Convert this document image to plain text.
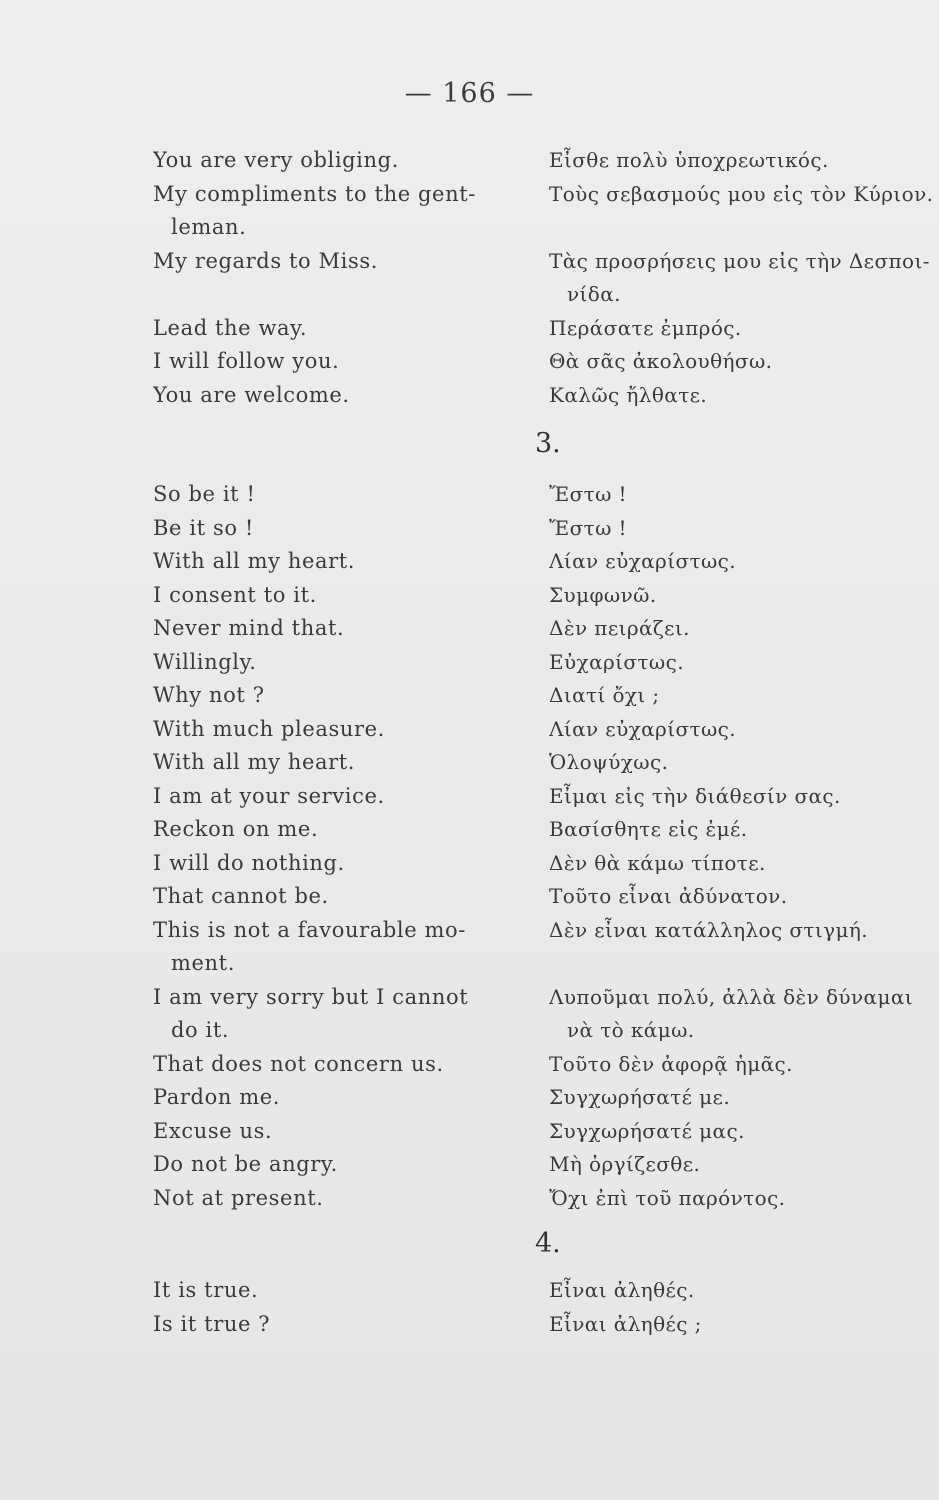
— 166 —
You are very obliging.
My compliments to the gent-
leman.
My regards to Miss.
Lead the way.
I will follow you.
You are welcome.
Εἶσθε πολὺ ὑποχρεωτικός.
Τοὺς σεβασμούς μου εἰς τὸν Κύριον.
Τὰς προσρήσεις μου εἰς τὴν Δεσποι-
νίδα.
Περάσατε ἐμπρός.
Θὰ σᾶς ἀκολουθήσω.
Καλῶς ἤλθατε.
3.
So be it !
Be it so !
With all my heart.
I consent to it.
Never mind that.
Willingly.
Why not ?
With much pleasure.
With all my heart.
I am at your service.
Reckon on me.
I will do nothing.
That cannot be.
This is not a favourable mo-
ment.
I am very sorry but I cannot
do it.
That does not concern us.
Pardon me.
Excuse us.
Do not be angry.
Not at present.
Ἔστω !
Ἔστω !
Λίαν εὐχαρίστως.
Συμφωνῶ.
Δὲν πειράζει.
Εὐχαρίστως.
Διατί ὄχι ;
Λίαν εὐχαρίστως.
Ὁλοψύχως.
Εἶμαι εἰς τὴν διάθεσίν σας.
Βασίσθητε εἰς ἐμέ.
Δὲν θὰ κάμω τίποτε.
Τοῦτο εἶναι ἀδύνατον.
Δὲν εἶναι κατάλληλος στιγμή.
Λυποῦμαι πολύ, ἀλλὰ δὲν δύναμαι
νὰ τὸ κάμω.
Τοῦτο δὲν ἀφορᾷ ἡμᾶς.
Συγχωρήσατέ με.
Συγχωρήσατέ μας.
Μὴ ὀργίζεσθε.
Ὄχι ἐπὶ τοῦ παρόντος.
4.
It is true.
Is it true ?
Εἶναι ἀληθές.
Εἶναι ἀληθές ;
